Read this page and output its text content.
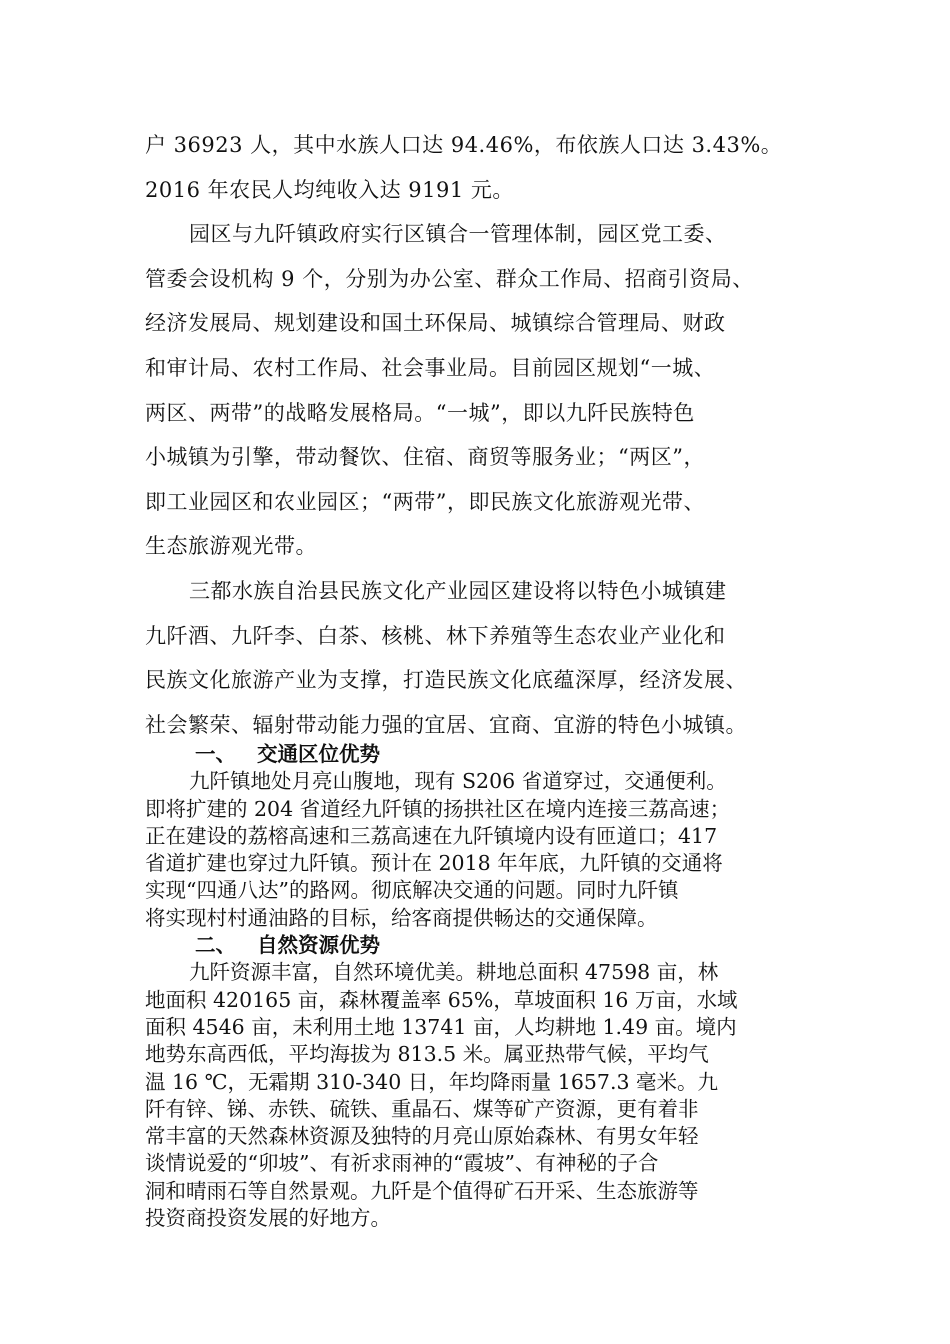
户 36923 人，其中水族人口达 94.46%，布依族人口达 3.43%。
2016 年农民人均纯收入达 9191 元。
园区与九阡镇政府实行区镇合一管理体制，园区党工委、
管委会设机构 9 个，分别为办公室、群众工作局、招商引资局、
经济发展局、规划建设和国土环保局、城镇综合管理局、财政
和审计局、农村工作局、社会事业局。目前园区规划“一城、
两区、两带”的战略发展格局。“一城”，即以九阡民族特色
小城镇为引擎，带动餐饮、住宿、商贸等服务业；“两区”，
即工业园区和农业园区；“两带”，即民族文化旅游观光带、
生态旅游观光带。
三都水族自治县民族文化产业园区建设将以特色小城镇建
九阡酒、九阡李、白茶、核桃、林下养殖等生态农业产业化和
民族文化旅游产业为支撑，打造民族文化底蕴深厚，经济发展、
社会繁荣、辐射带动能力强的宜居、宜商、宜游的特色小城镇。
一、 交通区位优势
九阡镇地处月亮山腹地，现有 S206 省道穿过，交通便利。
即将扩建的 204 省道经九阡镇的扬拱社区在境内连接三荔高速；
正在建设的荔榕高速和三荔高速在九阡镇境内设有匝道口；417
省道扩建也穿过九阡镇。预计在 2018 年年底，九阡镇的交通将
实现“四通八达”的路网。彻底解决交通的问题。同时九阡镇
将实现村村通油路的目标，给客商提供畅达的交通保障。
二、 自然资源优势
九阡资源丰富，自然环境优美。耕地总面积 47598 亩，林
地面积 420165 亩，森林覆盖率 65%，草坡面积 16 万亩，水域
面积 4546 亩，未利用土地 13741 亩，人均耕地 1.49 亩。境内
地势东高西低，平均海拔为 813.5 米。属亚热带气候，平均气
温 16 ℃，无霜期 310-340 日，年均降雨量 1657.3 毫米。九
阡有锌、锑、赤铁、硫铁、重晶石、煤等矿产资源，更有着非
常丰富的天然森林资源及独特的月亮山原始森林、有男女年轻
谈情说爱的“卯坡”、有祈求雨神的“霞坡”、有神秘的子合
洞和晴雨石等自然景观。九阡是个值得矿石开采、生态旅游等
投资商投资发展的好地方。
